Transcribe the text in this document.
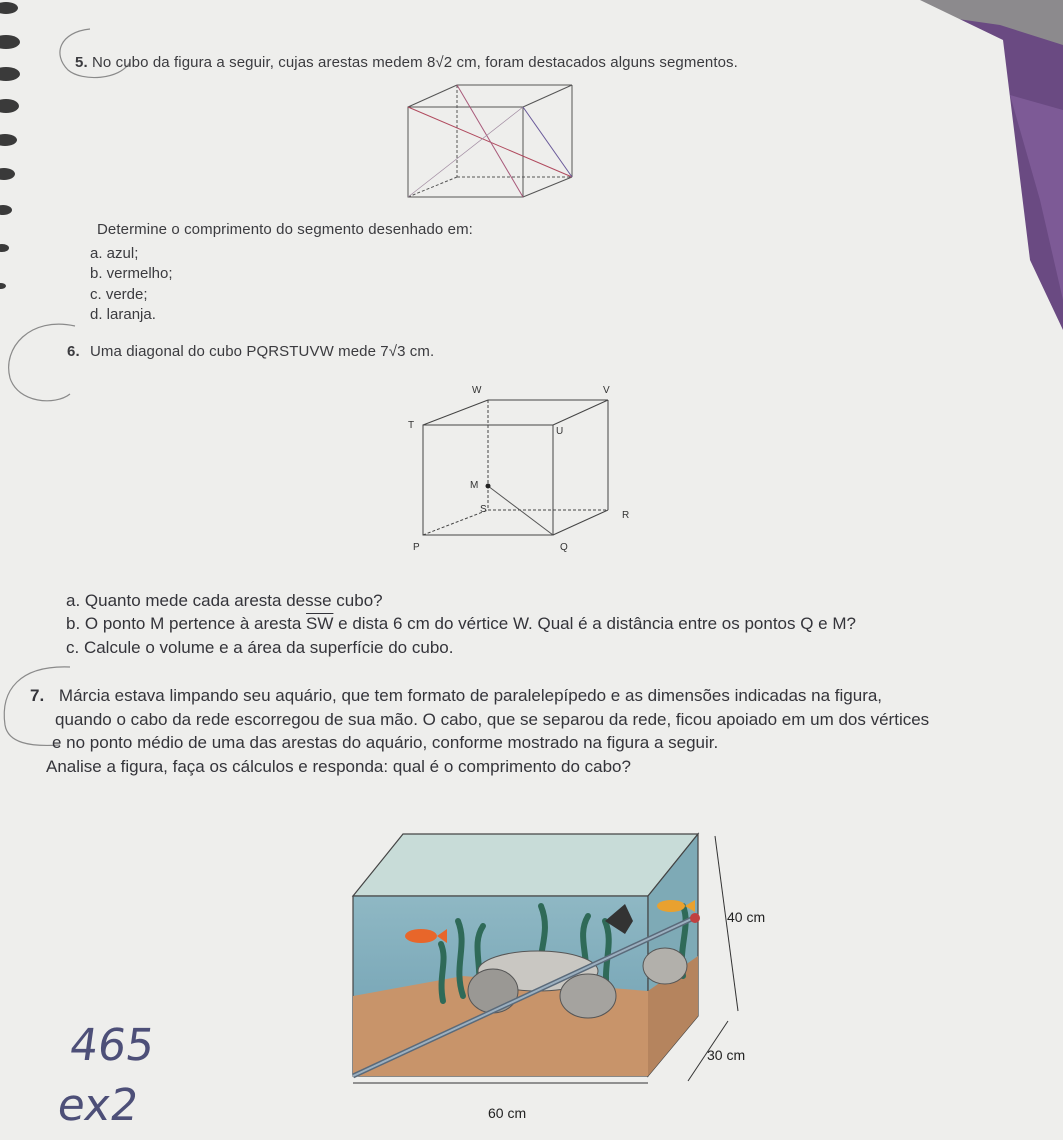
5. No cubo da figura a seguir, cujas arestas medem 8√2 cm, foram destacados alguns segmentos.
Determine o comprimento do segmento desenhado em:
a. azul;
b. vermelho;
c. verde;
d. laranja.
6. Uma diagonal do cubo PQRSTUVW mede 7√3 cm.
W	V
T
U
M
S
R
P	Q
a. Quanto mede cada aresta desse cubo?
b. O ponto M pertence à aresta $\overline{SW}$ e dista 6 cm do vértice W. Qual é a distância entre os pontos Q e M?
c. Calcule o volume e a área da superfície do cubo.
7. Márcia estava limpando seu aquário, que tem formato de paralelepípedo e as dimensões indicadas na figura,
quando o cabo da rede escorregou de sua mão. O cabo, que se separou da rede, ficou apoiado em um dos vértices
e no ponto médio de uma das arestas do aquário, conforme mostrado na figura a seguir.
Analise a figura, faça os cálculos e responda: qual é o comprimento do cabo?
40 cm
30 cm
60 cm
465
ex2
